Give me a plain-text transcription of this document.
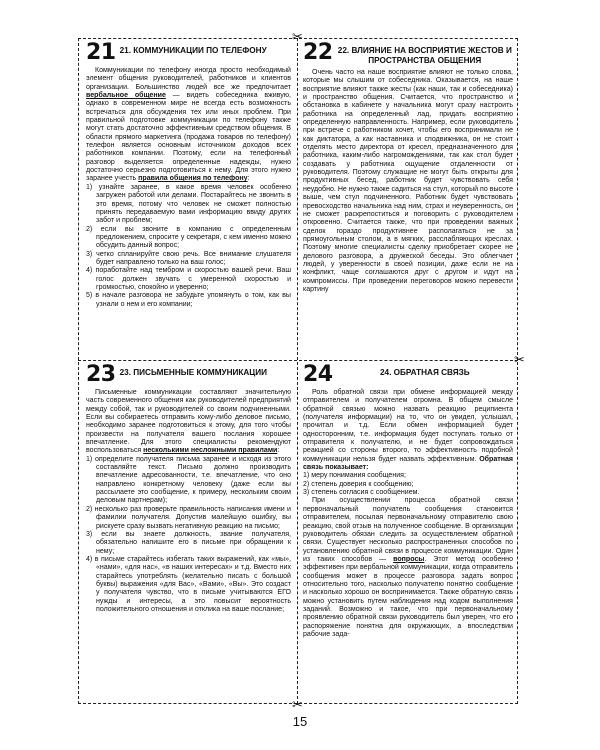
✂
✂
✂
21 21. КОММУНИКАЦИИ ПО ТЕЛЕФОНУ

Коммуникации по телефону иногда просто необходимый элемент общения руководителей, работников и клиентов организации. Большинство людей все же предпочитает вербальное общение — видеть собеседника вживую, однако в современном мире не всегда есть возможность встречаться для обсуждения тех или иных проблем. При правильной подготовке коммуникации по телефону также могут стать достаточно эффективным средством общения. В области прямого маркетинга (продажа товаров по телефону) телефон является основным источником доходов всех работников компании. Поэтому, если на телефонный разговор выделяется определенные надежды, нужно достаточно серьезно подготовиться к нему. Для этого нужно заранее учесть правила общения по телефону:

1) узнайте заранее, в какое время человек особенно загружен работой или делами. Постарайтесь не звонить в это время, потому что человек не сможет полностью принять передаваемую вами информацию ввиду других забот и проблем;
2) если вы звоните в компанию с определенным предложением, спросите у секретаря, с кем именно можно обсудить данный вопрос;
3) четко спланируйте свою речь. Все внимание слушателя будет направлено только на ваш голос;
4) поработайте над тембром и скоростью вашей речи. Ваш голос должен звучать с умеренной скоростью и громкостью, спокойно и уверенно;
5) в начале разговора не забудьте упомянуть о том, как вы узнали о нем и его компании;
22 22. ВЛИЯНИЕ НА ВОСПРИЯТИЕ ЖЕСТОВ И ПРОСТРАНСТВА ОБЩЕНИЯ

Очень часто на наше восприятие влияют не только слова, которые мы слышим от собеседника. Оказывается, на наше восприятие влияют также жесты (как наши, так и собеседника) и пространство общения. Считается, что пространство и обстановка в кабинете у начальника могут сразу настроить работника на определенный лад, придать восприятию определенную направленность. Например, если руководитель при встрече с работником хочет, чтобы его воспринимали не как диктатора, а как наставника и сподвижника, он не стоит отделять место директора от кресел, предназначенного для работника, каким-либо нагромождениями, так как стол будет создавать у работника ощущение отдаленности от руководителя. Поэтому служащие не могут быть открыты для продуктивных бесед, работник будет чувствовать себя неудобно. Не нужно также садиться на стул, который по высоте выше, чем стул подчиненного. Работник будет чувствовать превосходство начальника над ним, страх и неуверенность, он не сможет раскрепоститься и поговорить с руководителем откровенно. Считается также, что при проведении важных сделок гораздо продуктивнее располагаться не за прямоугольным столом, а в мягких, расслабляющих креслах. Поэтому многие специалисты сделку приобретает скорее не делового разговора, а дружеской беседы. Это облегчает людей, у уверенности в своей позиции, даже если не на конфликт, чаще соглашаются друг с другом и идут на компромиссы. При проведении переговоров можно перевести картину

23 23. ПИСЬМЕННЫЕ КОММУНИКАЦИИ

Письменные коммуникации составляют значительную часть современного общения как руководителей предприятий между собой, так и руководителей со своим подчиненными. Если вы собираетесь отправить кому-либо деловое письмо, необходимо заранее подготовиться к этому, для того чтобы произвести на получателя вашего послания хорошее впечатление. Для этого специалисты рекомендуют воспользоваться несколькими несложными правилами:

1) определите получателя письма заранее и исходя из этого составляйте текст. Письмо должно производить впечатление адресованности, т.е. впечатление, что оно направлено конкретному человеку (даже если вы рассылаете это сообщение, к примеру, нескольким своим деловым партнерам);
2) несколько раз проверьте правильность написания имени и фамилии получателя. Допустив малейшую ошибку, вы рискуете сразу вызвать негативную реакцию на письмо;
3) если вы знаете должность, звание получателя, обязательно напишите его в письме при обращении к нему;
4) в письме старайтесь избегать таких выражений, как «мы», «нами», «для нас», «в наших интересах» и т.д. Вместо них старайтесь употреблять (желательно писать с большой буквы) выражения «для Вас», «Вами», «Вы». Это создаст у получателя чувство, что в письме учитываются ЕГО нужды и интересы, а это повысит вероятность положительного отношения и отклика на ваше послание;
24	24. ОБРАТНАЯ СВЯЗЬ

Роль обратной связи при обмене информацией между отправителем и получателем огромна. В общем смысле обратной связью можно назвать реакцию реципиента (получателя информации) на то, что он увидел, услышал, прочитал и т.д. Если обмен информацией будет односторонним, т.е. информация будет поступать только от отправителя к получателю, и не будет сопровождаться реакцией со стороны второго, то эффективность подобной коммуникации нельзя будет назвать эффективным. Обратная связь показывает:

1) меру понимания сообщения;
2) степень доверия к сообщению;
3) степень согласия с сообщением.

При осуществлении процесса обратной связи первоначальный получатель сообщения становится отправителем, посылая первоначальному отправителю свою реакцию, свой отзыв на полученное сообщение. В организации руководитель обязан следить за осуществлением обратной связи. Существует несколько распространенных способов по установлению обратной связи в процессе коммуникации. Один из таких способов — вопросы. Этот метод особенно эффективен при вербальной коммуникации, когда отправитель сообщения может в процессе разговора задать вопрос относительно того, насколько получателю понятно сообщение и насколько хорошо он воспринимается. Также обратную связь можно установить путем наблюдения над ходом выполнения заданий. Возможно и такое, что при первоначальному проявлению обратной связи руководитель был уверен, что его распоряжение понятна для окружающих, а впоследствии рабочие зада-

15
